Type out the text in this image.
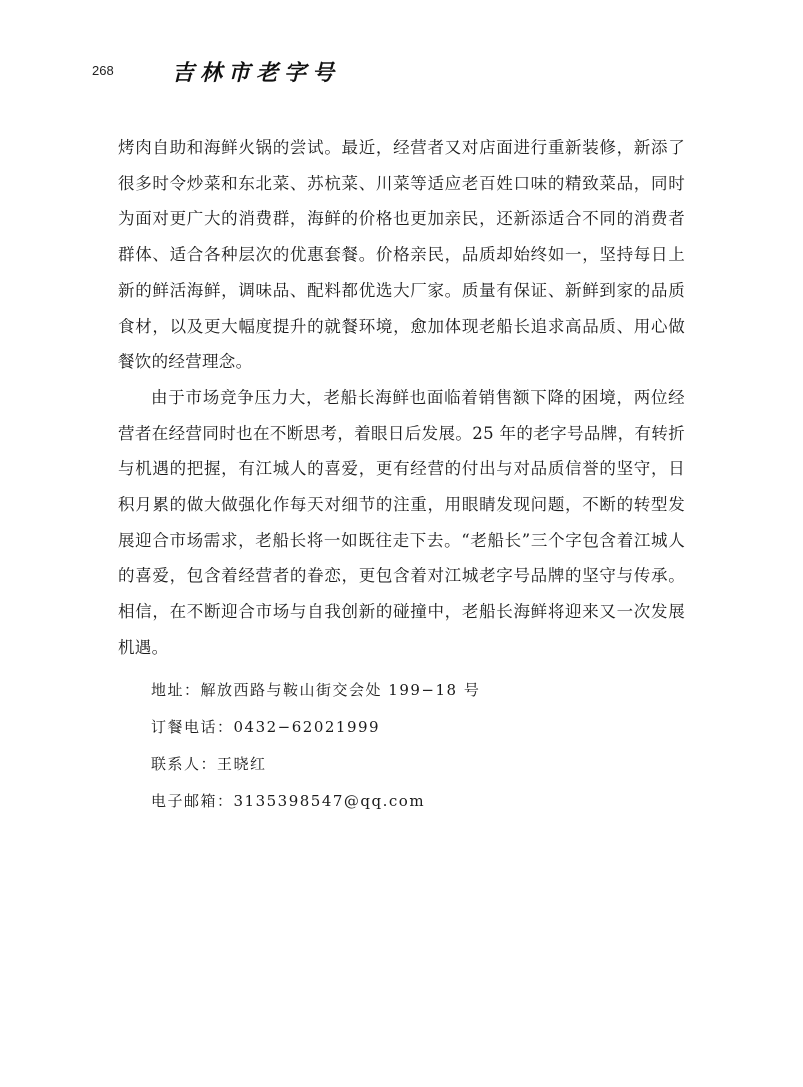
268	吉林市老字号

烤肉自助和海鲜火锅的尝试。最近，经营者又对店面进行重新装修，新添了很多时令炒菜和东北菜、苏杭菜、川菜等适应老百姓口味的精致菜品，同时为面对更广大的消费群，海鲜的价格也更加亲民，还新添适合不同的消费者群体、适合各种层次的优惠套餐。价格亲民，品质却始终如一，坚持每日上新的鲜活海鲜，调味品、配料都优选大厂家。质量有保证、新鲜到家的品质食材，以及更大幅度提升的就餐环境，愈加体现老船长追求高品质、用心做餐饮的经营理念。

由于市场竞争压力大，老船长海鲜也面临着销售额下降的困境，两位经营者在经营同时也在不断思考，着眼日后发展。25 年的老字号品牌，有转折与机遇的把握，有江城人的喜爱，更有经营的付出与对品质信誉的坚守，日积月累的做大做强化作每天对细节的注重，用眼睛发现问题，不断的转型发展迎合市场需求，老船长将一如既往走下去。“老船长”三个字包含着江城人的喜爱，包含着经营者的眷恋，更包含着对江城老字号品牌的坚守与传承。相信，在不断迎合市场与自我创新的碰撞中，老船长海鲜将迎来又一次发展机遇。

地址：解放西路与鞍山街交会处 199−18 号
订餐电话：0432−62021999
联系人：王晓红
电子邮箱：3135398547@qq.com
